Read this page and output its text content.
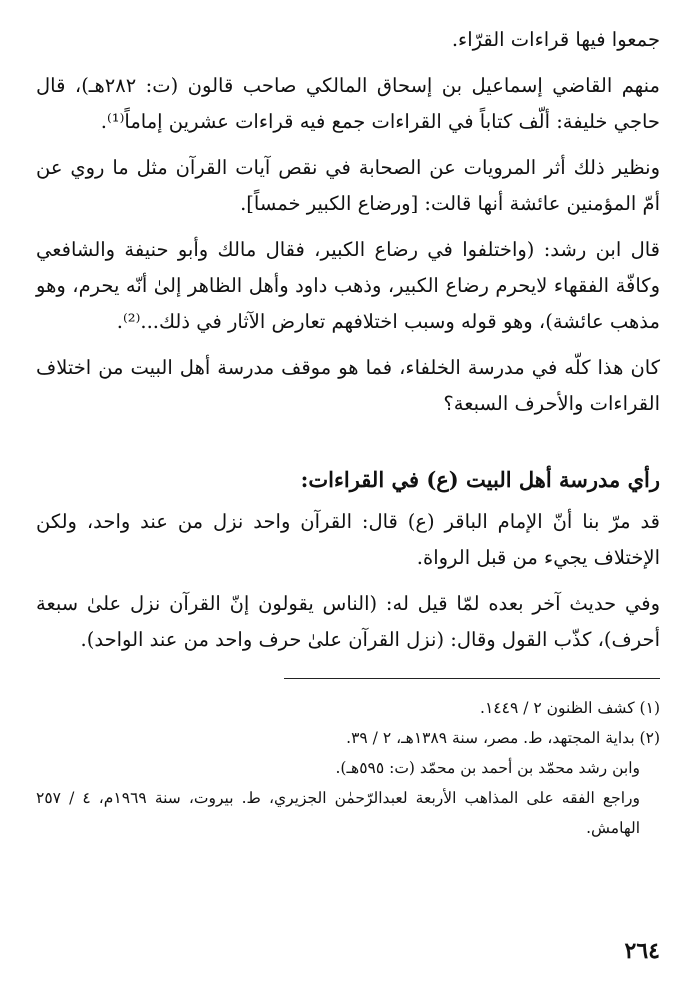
جمعوا فيها قراءات القرّاء.

منهم القاضي إسماعيل بن إسحاق المالكي صاحب قالون (ت: ٢٨٢هـ)، قال حاجي خليفة: ألّف كتاباً في القراءات جمع فيه قراءات عشرين إماماً⁽¹⁾.

ونظير ذلك أثر المرويات عن الصحابة في نقص آيات القرآن مثل ما روي عن أمّ المؤمنين عائشة أنها قالت: [ورضاع الكبير خمساً].

قال ابن رشد: (واختلفوا في رضاع الكبير، فقال مالك وأبو حنيفة والشافعي وكافّة الفقهاء لايحرم رضاع الكبير، وذهب داود وأهل الظاهر إلىٰ أنّه يحرم، وهو مذهب عائشة)، وهو قوله وسبب اختلافهم تعارض الآثار في ذلك...⁽²⁾.

كان هذا كلّه في مدرسة الخلفاء، فما هو موقف مدرسة أهل البيت من اختلاف القراءات والأحرف السبعة؟

رأي مدرسة أهل البيت (ع) في القراءات:

قد مرّ بنا أنّ الإمام الباقر (ع) قال: القرآن واحد نزل من عند واحد، ولكن الإختلاف يجيء من قبل الرواة.

وفي حديث آخر بعده لمّا قيل له: (الناس يقولون إنّ القرآن نزل علىٰ سبعة أحرف)، كذّب القول وقال: (نزل القرآن علىٰ حرف واحد من عند الواحد).

(١) كشف الظنون ٢ / ١٤٤٩.

(٢) بداية المجتهد، ط. مصر، سنة ١٣٨٩هـ، ٢ / ٣٩.

وابن رشد محمّد بن أحمد بن محمّد (ت: ٥٩٥هـ).

وراجع الفقه على المذاهب الأربعة لعبدالرّحمٰن الجزيري، ط. بيروت، سنة ١٩٦٩م، ٤ / ٢٥٧ الهامش.

٢٦٤
